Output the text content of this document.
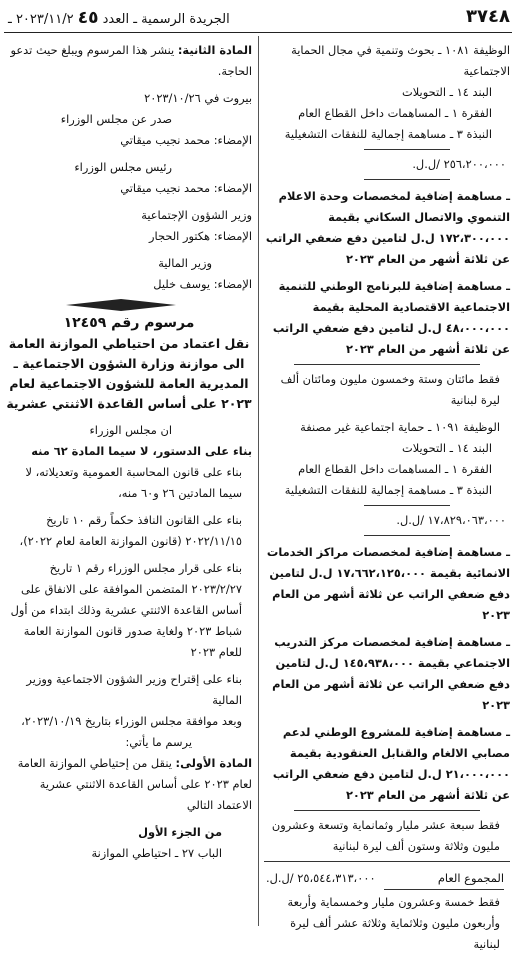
٣٧٤٨
الجريدة الرسمية ـ العدد ٤٥ ٢٠٢٣/١١/٢ ـ

الوظيفة ١٠٨١ ـ بحوث وتنمية في مجال الحماية الاجتماعية

البند ١٤ ـ التحويلات

الفقرة ١ ـ المساهمات داخل القطاع العام

النبذة ٣ ـ مساهمة إجمالية للنفقات التشغيلية

٢٥٦،٢٠٠،٠٠٠ /ل.ل.

ـ مساهمة إضافية لمخصصات وحدة الاعلام التنموي والاتصال السكاني بقيمة ١٧٢،٣٠٠،٠٠٠ ل.ل لتامين دفع ضعفي الراتب عن ثلاثة أشهر من العام ٢٠٢٣

ـ مساهمة إضافية للبرنامج الوطني للتنمية الاجتماعية الاقتصادية المحلية بقيمة ٤٨،٠٠٠،٠٠٠ ل.ل لتامين دفع ضعفي الراتب عن ثلاثة أشهر من العام ٢٠٢٣

فقط مائتان وستة وخمسون مليون ومائتان ألف ليرة لبنانية

الوظيفة ١٠٩١ ـ حماية اجتماعية غير مصنفة

البند ١٤ ـ التحويلات

الفقرة ١ ـ المساهمات داخل القطاع العام

النبذة ٣ ـ مساهمة إجمالية للنفقات التشغيلية

١٧،٨٢٩،٠٦٣،٠٠٠ /ل.ل.

ـ مساهمة إضافية لمخصصات مراكز الخدمات الانمائية بقيمة ١٧،٦٦٢،١٢٥،٠٠٠ ل.ل لتامين دفع ضعفي الراتب عن ثلاثة أشهر من العام ٢٠٢٣

ـ مساهمة إضافية لمخصصات مركز التدريب الاجتماعي بقيمة ١٤٥،٩٣٨،٠٠٠ ل.ل لتامين دفع ضعفي الراتب عن ثلاثة أشهر من العام ٢٠٢٣

ـ مساهمة إضافية للمشروع الوطني لدعم مصابي الالغام والقنابل العنقودية بقيمة ٢١،٠٠٠،٠٠٠ ل.ل لتامين دفع ضعفي الراتب عن ثلاثة أشهر من العام ٢٠٢٣

فقط سبعة عشر مليار وثمانماية وتسعة وعشرون مليون وثلاثة وستون ألف ليرة لبنانية

المجموع العام
٢٥،٥٤٤،٣١٣،٠٠٠ /ل.ل.

فقط خمسة وعشرون مليار وخمسماية وأربعة وأربعون مليون وثلاثماية وثلاثة عشر ألف ليرة لبنانية

المادة الثانية: ينشر هذا المرسوم ويبلغ حيث تدعو الحاجة.

بيروت في ٢٠٢٣/١٠/٢٦

صدر عن مجلس الوزراء

الإمضاء: محمد نجيب ميقاتي

رئيس مجلس الوزراء

الإمضاء: محمد نجيب ميقاتي

وزير الشؤون الإجتماعية

الإمضاء: هكتور الحجار

وزير المالية

الإمضاء: يوسف خليل

مرسوم رقم ١٢٤٥٩

نقل اعتماد من احتياطي الموازنة العامة الى موازنة وزارة الشؤون الاجتماعية ـ المديرية العامة للشؤون الاجتماعية لعام ٢٠٢٣ على أساس القاعدة الاثنتي عشرية

ان مجلس الوزراء

بناء على الدستور، لا سيما المادة ٦٢ منه

بناء على قانون المحاسبة العمومية وتعديلاته، لا سيما المادتين ٢٦ و٦٠ منه،

بناء على القانون النافذ حكماً رقم ١٠ تاريخ ٢٠٢٢/١١/١٥ (قانون الموازنة العامة لعام ٢٠٢٢)،

بناء على قرار مجلس الوزراء رقم ١ تاريخ ٢٠٢٣/٢/٢٧ المتضمن الموافقة على الانفاق على أساس القاعدة الاثنتي عشرية وذلك ابتداء من أول شباط ٢٠٢٣ ولغاية صدور قانون الموازنة العامة للعام ٢٠٢٣

بناء على إقتراح وزير الشؤون الاجتماعية ووزير المالية

وبعد موافقة مجلس الوزراء بتاريخ ٢٠٢٣/١٠/١٩،

يرسم ما يأتي:

المادة الأولى: ينقل من إحتياطي الموازنة العامة لعام ٢٠٢٣ على أساس القاعدة الاثنتي عشرية الاعتماد التالي

من الجزء الأول

الباب ٢٧ ـ احتياطي الموازنة
